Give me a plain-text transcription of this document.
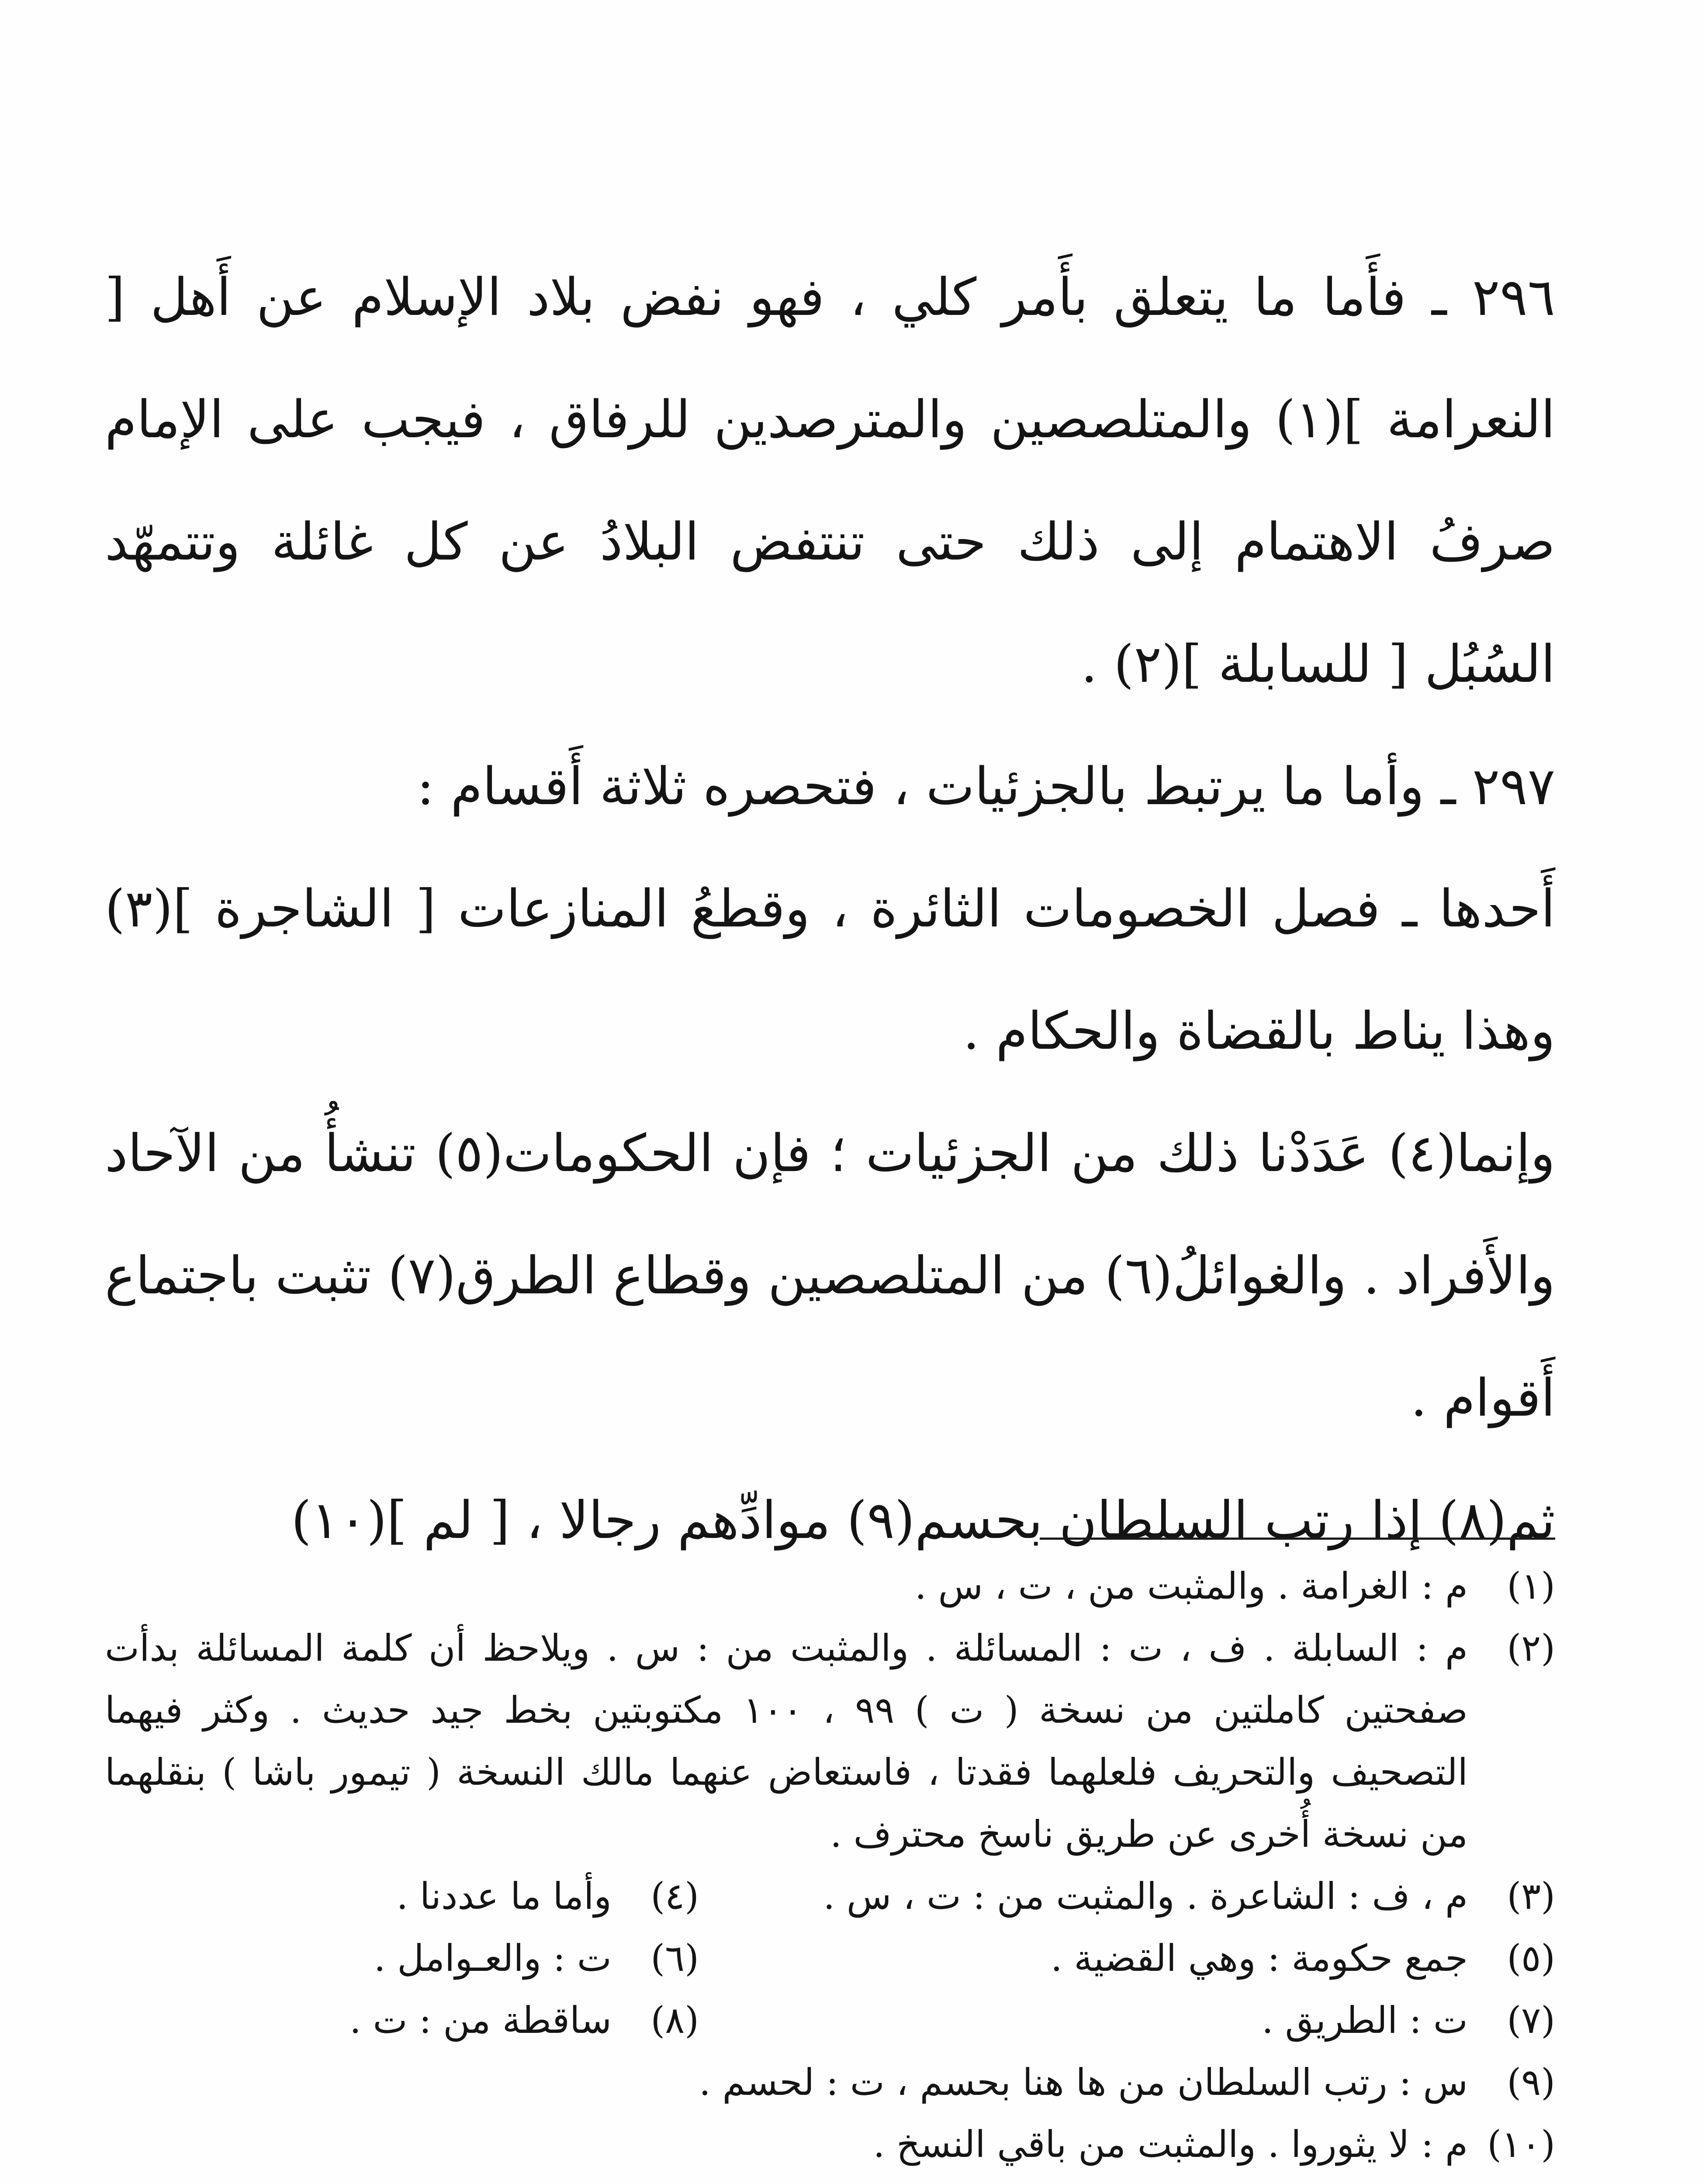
٢٩٦ ـ فأَما ما يتعلق بأَمر كلي ، فهو نفض بلاد الإسلام عن أَهل [ النعرامة ](١) والمتلصصين والمترصدين للرفاق ، فيجب على الإمام صرفُ الاهتمام إلى ذلك حتى تنتفض البلادُ عن كل غائلة وتتمهّد السُبُل [ للسابلة ](٢) .

٢٩٧ ـ وأما ما يرتبط بالجزئيات ، فتحصره ثلاثة أَقسام :

أَحدها ـ فصل الخصومات الثائرة ، وقطعُ المنازعات [ الشاجرة ](٣) وهذا يناط بالقضاة والحكام .

وإنما(٤) عَدَدْنا ذلك من الجزئيات ؛ فإن الحكومات(٥) تنشأُ من الآحاد والأَفراد . والغوائلُ(٦) من المتلصصين وقطاع الطرق(٧) تثبت باجتماع أَقوام .

ثم(٨) إذا رتب السلطان بحسم(٩) موادِّهم رجالا ، [ لم ](١٠)

(١)
م : الغرامة . والمثبت من ، ت ، س .

(٢)
م : السابلة . ف ، ت : المسائلة . والمثبت من : س . ويلاحظ أن كلمة المسائلة بدأت صفحتين كاملتين من نسخة ( ت ) ٩٩ ، ١٠٠ مكتوبتين بخط جيد حديث . وكثر فيهما التصحيف والتحريف فلعلهما فقدتا ، فاستعاض عنهما مالك النسخة ( تيمور باشا ) بنقلهما من نسخة أُخرى عن طريق ناسخ محترف .

(٣)
م ، ف : الشاعرة . والمثبت من : ت ، س .

(٤)
وأما ما عددنا .

(٥)
جمع حكومة : وهي القضية .

(٦)
ت : والعـوامل .

(٧)
ت : الطريق .

(٨)
ساقطة من : ت .

(٩)
س : رتب السلطان من ها هنا بحسم ، ت : لحسم .

(١٠)
م : لا يثوروا . والمثبت من باقي النسخ .
